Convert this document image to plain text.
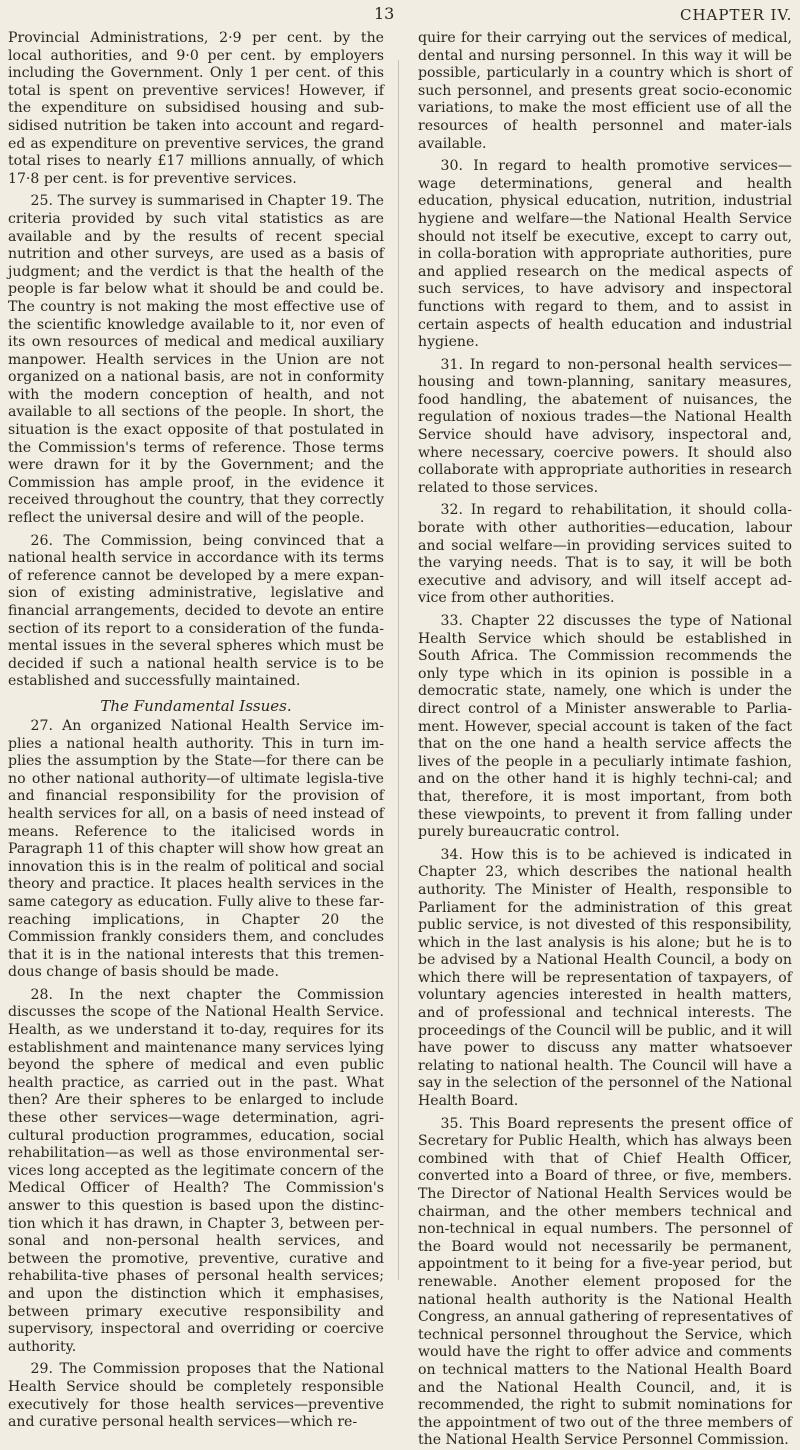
13	CHAPTER IV.

Provincial Administrations, 2·9 per cent. by the local authorities, and 9·0 per cent. by employers including the Government. Only 1 per cent. of this total is spent on preventive services! However, if the expenditure on subsidised housing and sub-sidised nutrition be taken into account and regard-ed as expenditure on preventive services, the grand total rises to nearly £17 millions annually, of which 17·8 per cent. is for preventive services.

25. The survey is summarised in Chapter 19. The criteria provided by such vital statistics as are available and by the results of recent special nutrition and other surveys, are used as a basis of judgment; and the verdict is that the health of the people is far below what it should be and could be. The country is not making the most effective use of the scientific knowledge available to it, nor even of its own resources of medical and medical auxiliary manpower. Health services in the Union are not organized on a national basis, are not in conformity with the modern conception of health, and not available to all sections of the people. In short, the situation is the exact opposite of that postulated in the Commission's terms of reference. Those terms were drawn for it by the Government; and the Commission has ample proof, in the evidence it received throughout the country, that they correctly reflect the universal desire and will of the people.

26. The Commission, being convinced that a national health service in accordance with its terms of reference cannot be developed by a mere expan-sion of existing administrative, legislative and financial arrangements, decided to devote an entire section of its report to a consideration of the funda-mental issues in the several spheres which must be decided if such a national health service is to be established and successfully maintained.

The Fundamental Issues.

27. An organized National Health Service im-plies a national health authority. This in turn im-plies the assumption by the State—for there can be no other national authority—of ultimate legisla-tive and financial responsibility for the provision of health services for all, on a basis of need instead of means. Reference to the italicised words in Paragraph 11 of this chapter will show how great an innovation this is in the realm of political and social theory and practice. It places health services in the same category as education. Fully alive to these far-reaching implications, in Chapter 20 the Commission frankly considers them, and concludes that it is in the national interests that this tremen-dous change of basis should be made.

28. In the next chapter the Commission discusses the scope of the National Health Service. Health, as we understand it to-day, requires for its establishment and maintenance many services lying beyond the sphere of medical and even public health practice, as carried out in the past. What then? Are their spheres to be enlarged to include these other services—wage determination, agri-cultural production programmes, education, social rehabilitation—as well as those environmental ser-vices long accepted as the legitimate concern of the Medical Officer of Health? The Commission's answer to this question is based upon the distinc-tion which it has drawn, in Chapter 3, between per-sonal and non-personal health services, and between the promotive, preventive, curative and rehabilita-tive phases of personal health services; and upon the distinction which it emphasises, between primary executive responsibility and supervisory, inspectoral and overriding or coercive authority.

29. The Commission proposes that the National Health Service should be completely responsible executively for those health services—preventive and curative personal health services—which re-

quire for their carrying out the services of medical, dental and nursing personnel. In this way it will be possible, particularly in a country which is short of such personnel, and presents great socio-economic variations, to make the most efficient use of all the resources of health personnel and mater-ials available.

30. In regard to health promotive services—wage determinations, general and health education, physical education, nutrition, industrial hygiene and welfare—the National Health Service should not itself be executive, except to carry out, in colla-boration with appropriate authorities, pure and applied research on the medical aspects of such services, to have advisory and inspectoral functions with regard to them, and to assist in certain aspects of health education and industrial hygiene.

31. In regard to non-personal health services—housing and town-planning, sanitary measures, food handling, the abatement of nuisances, the regulation of noxious trades—the National Health Service should have advisory, inspectoral and, where necessary, coercive powers. It should also collaborate with appropriate authorities in research related to those services.

32. In regard to rehabilitation, it should colla-borate with other authorities—education, labour and social welfare—in providing services suited to the varying needs. That is to say, it will be both executive and advisory, and will itself accept ad-vice from other authorities.

33. Chapter 22 discusses the type of National Health Service which should be established in South Africa. The Commission recommends the only type which in its opinion is possible in a democratic state, namely, one which is under the direct control of a Minister answerable to Parlia-ment. However, special account is taken of the fact that on the one hand a health service affects the lives of the people in a peculiarly intimate fashion, and on the other hand it is highly techni-cal; and that, therefore, it is most important, from both these viewpoints, to prevent it from falling under purely bureaucratic control.

34. How this is to be achieved is indicated in Chapter 23, which describes the national health authority. The Minister of Health, responsible to Parliament for the administration of this great public service, is not divested of this responsibility, which in the last analysis is his alone; but he is to be advised by a National Health Council, a body on which there will be representation of taxpayers, of voluntary agencies interested in health matters, and of professional and technical interests. The proceedings of the Council will be public, and it will have power to discuss any matter whatsoever relating to national health. The Council will have a say in the selection of the personnel of the National Health Board.

35. This Board represents the present office of Secretary for Public Health, which has always been combined with that of Chief Health Officer, converted into a Board of three, or five, members. The Director of National Health Services would be chairman, and the other members technical and non-technical in equal numbers. The personnel of the Board would not necessarily be permanent, appointment to it being for a five-year period, but renewable. Another element proposed for the national health authority is the National Health Congress, an annual gathering of representatives of technical personnel throughout the Service, which would have the right to offer advice and comments on technical matters to the National Health Board and the National Health Council, and, it is recommended, the right to submit nominations for the appointment of two out of the three members of the National Health Service Personnel Commission.
